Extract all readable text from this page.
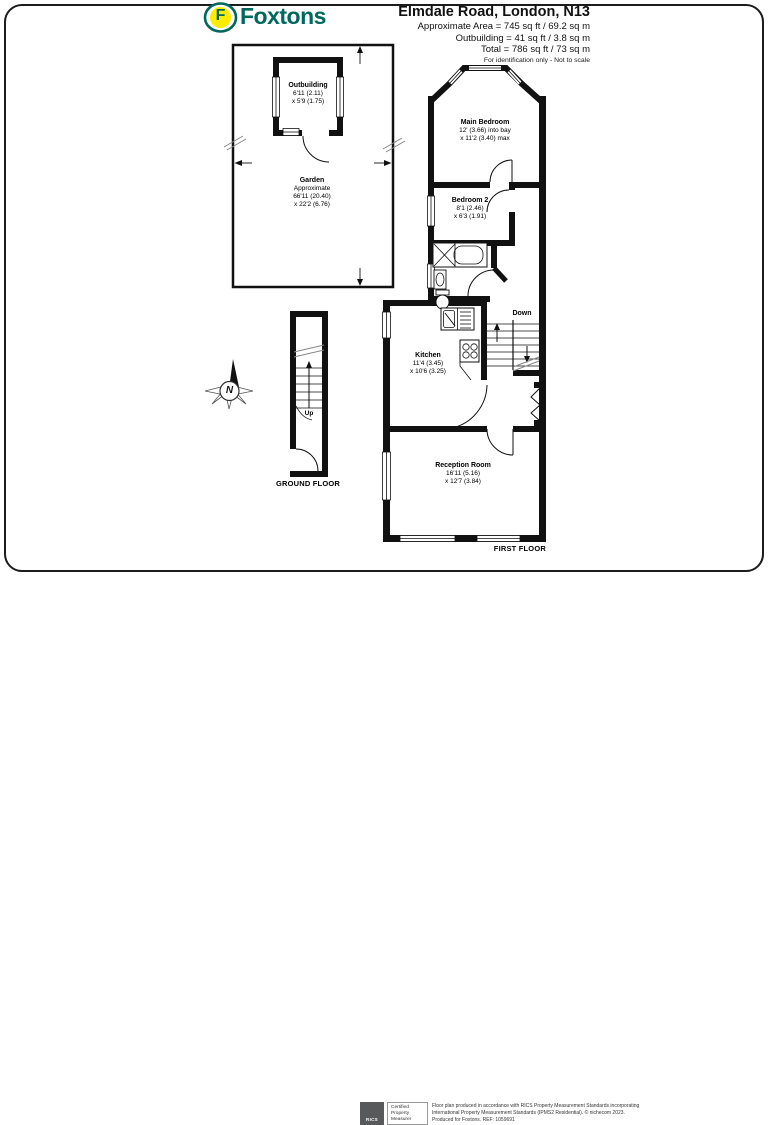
F Foxtons	Elmdale Road, London, N13
Approximate Area = 745 sq ft / 69.2 sq m
Outbuilding = 41 sq ft / 3.8 sq m
Total = 786 sq ft / 73 sq m
For identification only - Not to scale
Outbuilding
6'11 (2.11)
x 5'9 (1.75)
Garden
Approximate
66'11 (20.40)
x 22'2 (6.76)
Main Bedroom
12' (3.66) into bay
x 11'2 (3.40) max
Bedroom 2
8'1 (2.46)
x 6'3 (1.91)
Kitchen
11'4 (3.45)
x 10'6 (3.25)
Reception Room
16'11 (5.16)
x 12'7 (3.84)
Up
Down
GROUND FLOOR
FIRST FLOOR
N
RICS
Certified
Property
Measurer
Floor plan produced in accordance with RICS Property Measurement Standards incorporating
International Property Measurement Standards (IPMS2 Residential). © nichecom 2023.
Produced for Foxtons. REF: 1059691
